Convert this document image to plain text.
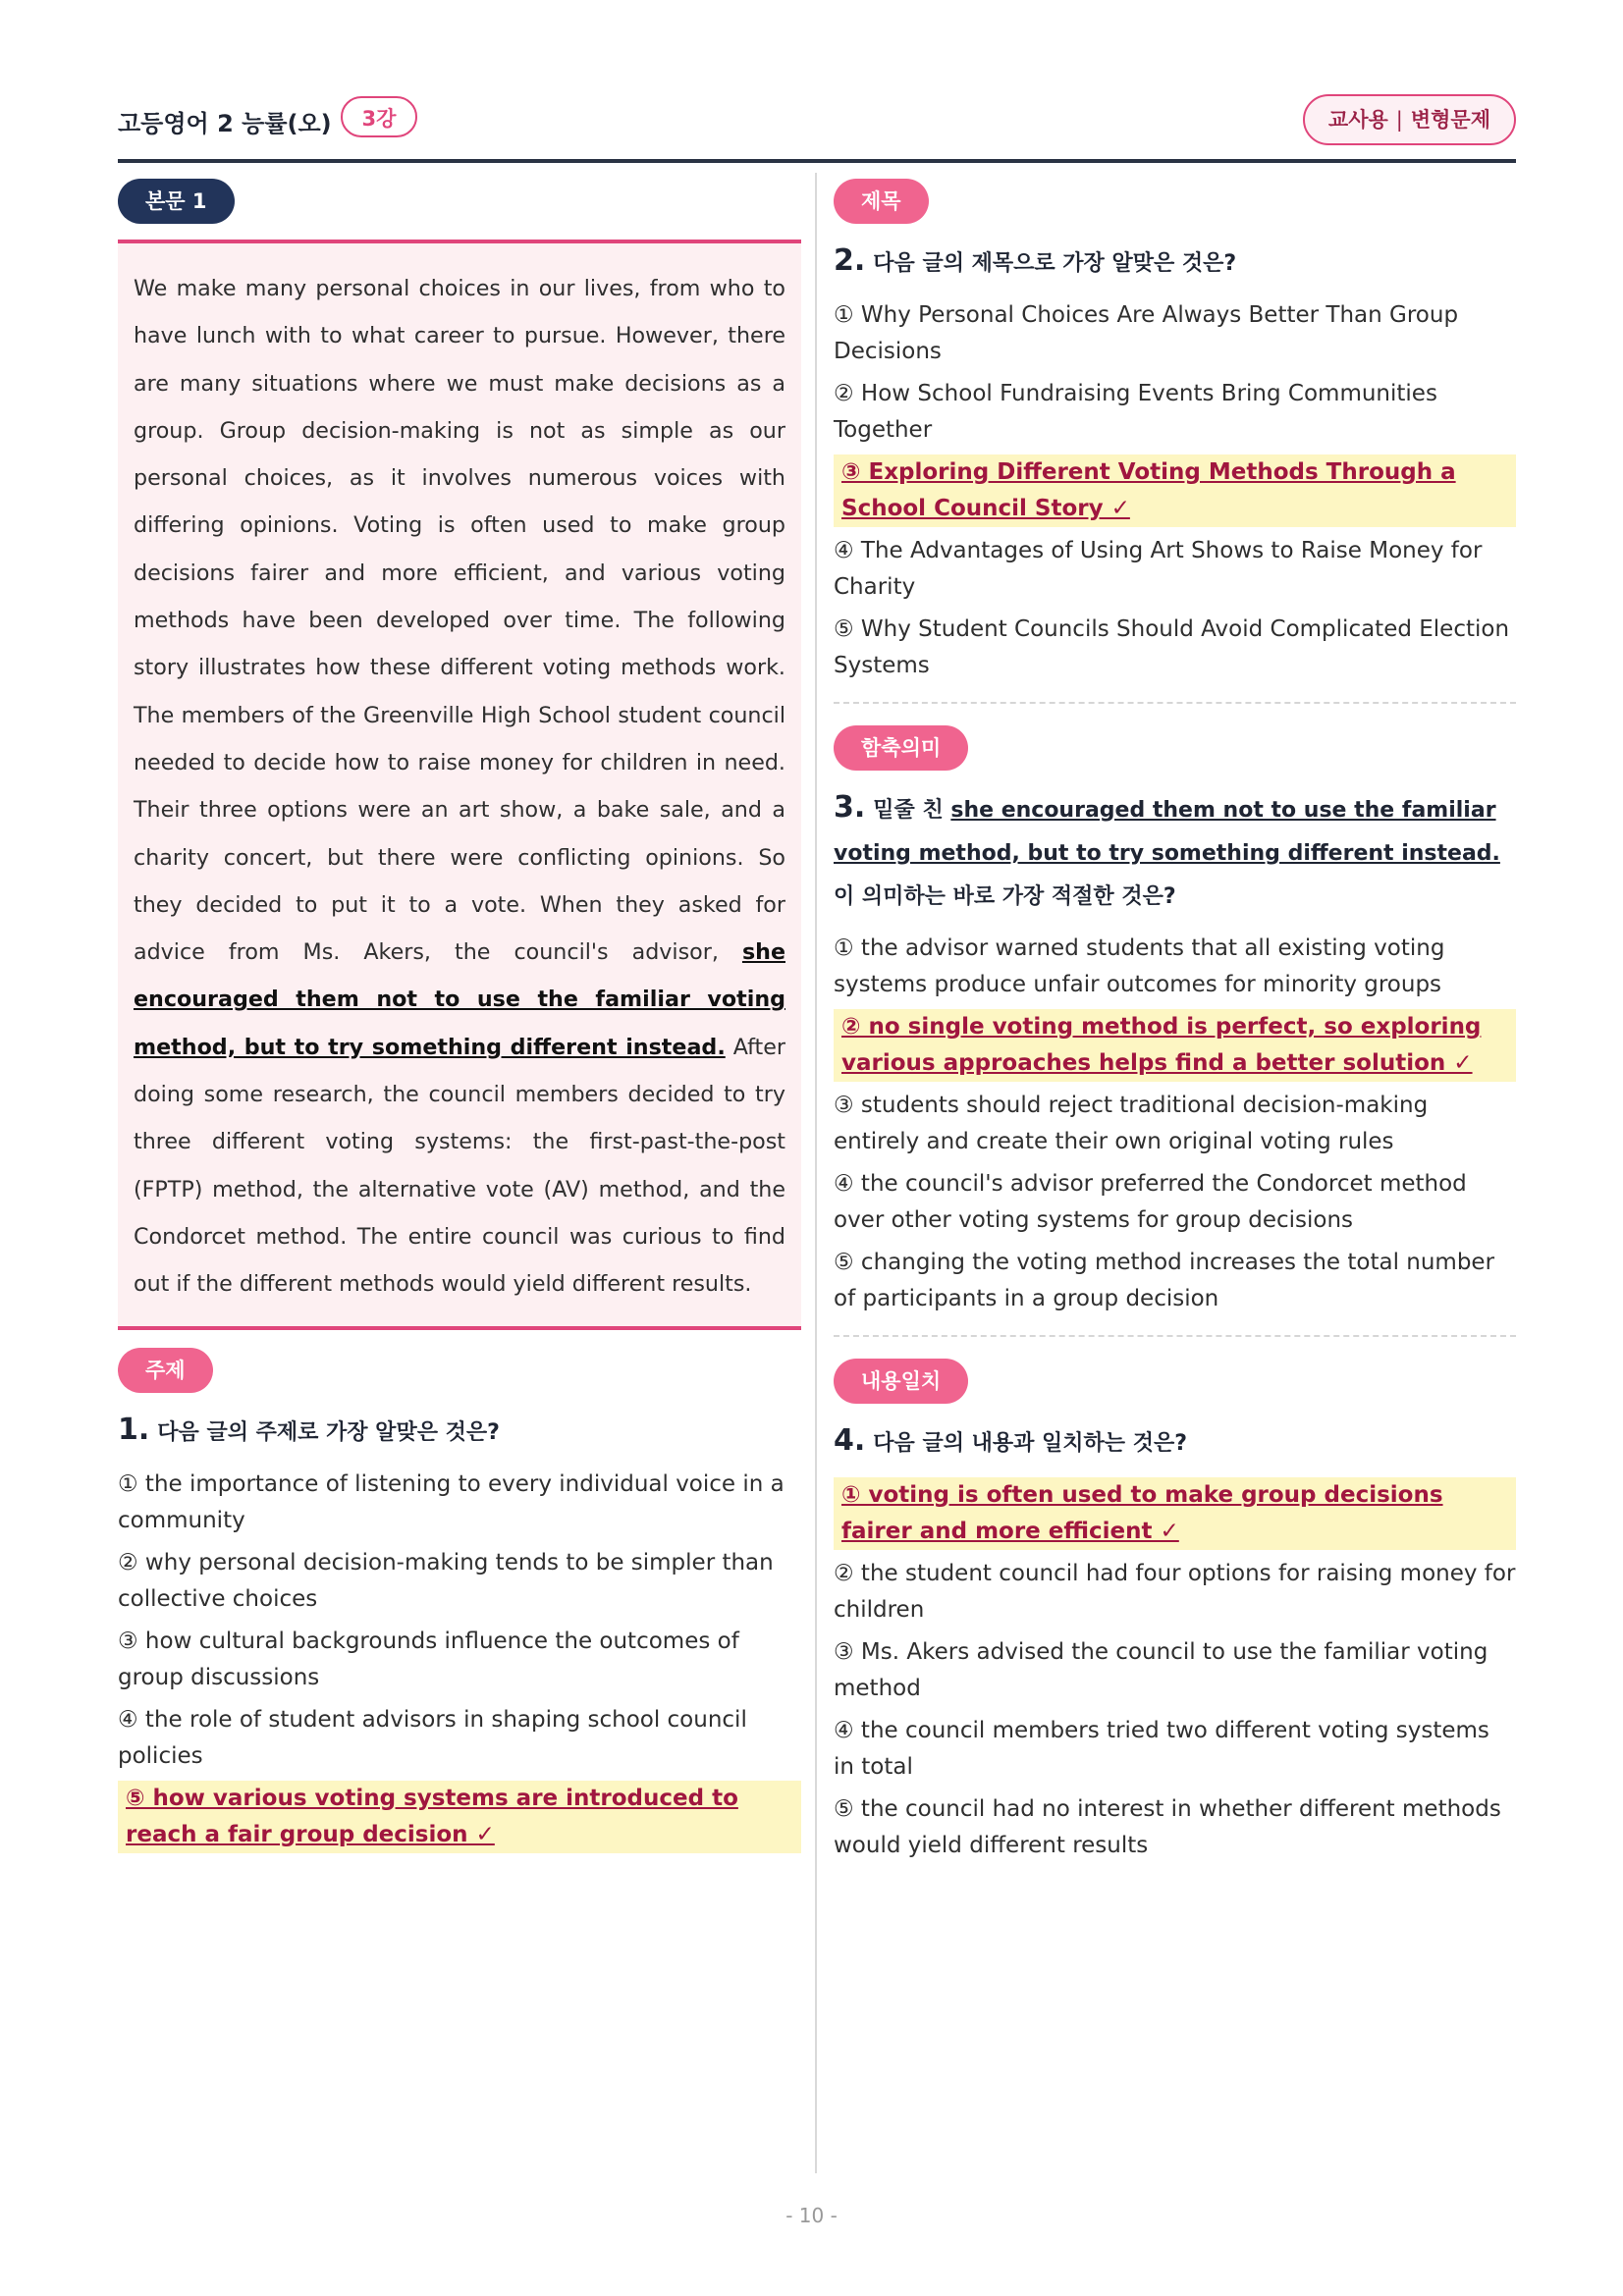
고등영어 2 능률(오)	3강	교사용 | 변형문제
본문 1

We make many personal choices in our lives, from who to have lunch with to what career to pursue. However, there are many situations where we must make decisions as a group. Group decision-making is not as simple as our personal choices, as it involves numerous voices with differing opinions. Voting is often used to make group decisions fairer and more efficient, and various voting methods have been developed over time. The following story illustrates how these different voting methods work. The members of the Greenville High School student council needed to decide how to raise money for children in need. Their three options were an art show, a bake sale, and a charity concert, but there were conflicting opinions. So they decided to put it to a vote. When they asked for advice from Ms. Akers, the council's advisor, she encouraged them not to use the familiar voting method, but to try something different instead. After doing some research, the council members decided to try three different voting systems: the first-past-the-post (FPTP) method, the alternative vote (AV) method, and the Condorcet method. The entire council was curious to find out if the different methods would yield different results.

주제
1. 다음 글의 주제로 가장 알맞은 것은?
① the importance of listening to every individual voice in a community
② why personal decision-making tends to be simpler than collective choices
③ how cultural backgrounds influence the outcomes of group discussions
④ the role of student advisors in shaping school council policies
⑤ how various voting systems are introduced to reach a fair group decision ✓
제목
2. 다음 글의 제목으로 가장 알맞은 것은?
① Why Personal Choices Are Always Better Than Group Decisions
② How School Fundraising Events Bring Communities Together
③ Exploring Different Voting Methods Through a School Council Story ✓
④ The Advantages of Using Art Shows to Raise Money for Charity
⑤ Why Student Councils Should Avoid Complicated Election Systems
함축의미
3. 밑줄 친 she encouraged them not to use the familiar voting method, but to try something different instead.이 의미하는 바로 가장 적절한 것은?
① the advisor warned students that all existing voting systems produce unfair outcomes for minority groups
② no single voting method is perfect, so exploring various approaches helps find a better solution ✓
③ students should reject traditional decision-making entirely and create their own original voting rules
④ the council's advisor preferred the Condorcet method over other voting systems for group decisions
⑤ changing the voting method increases the total number of participants in a group decision
내용일치
4. 다음 글의 내용과 일치하는 것은?
① voting is often used to make group decisions fairer and more efficient ✓
② the student council had four options for raising money for children
③ Ms. Akers advised the council to use the familiar voting method
④ the council members tried two different voting systems in total
⑤ the council had no interest in whether different methods would yield different results
- 10 -
